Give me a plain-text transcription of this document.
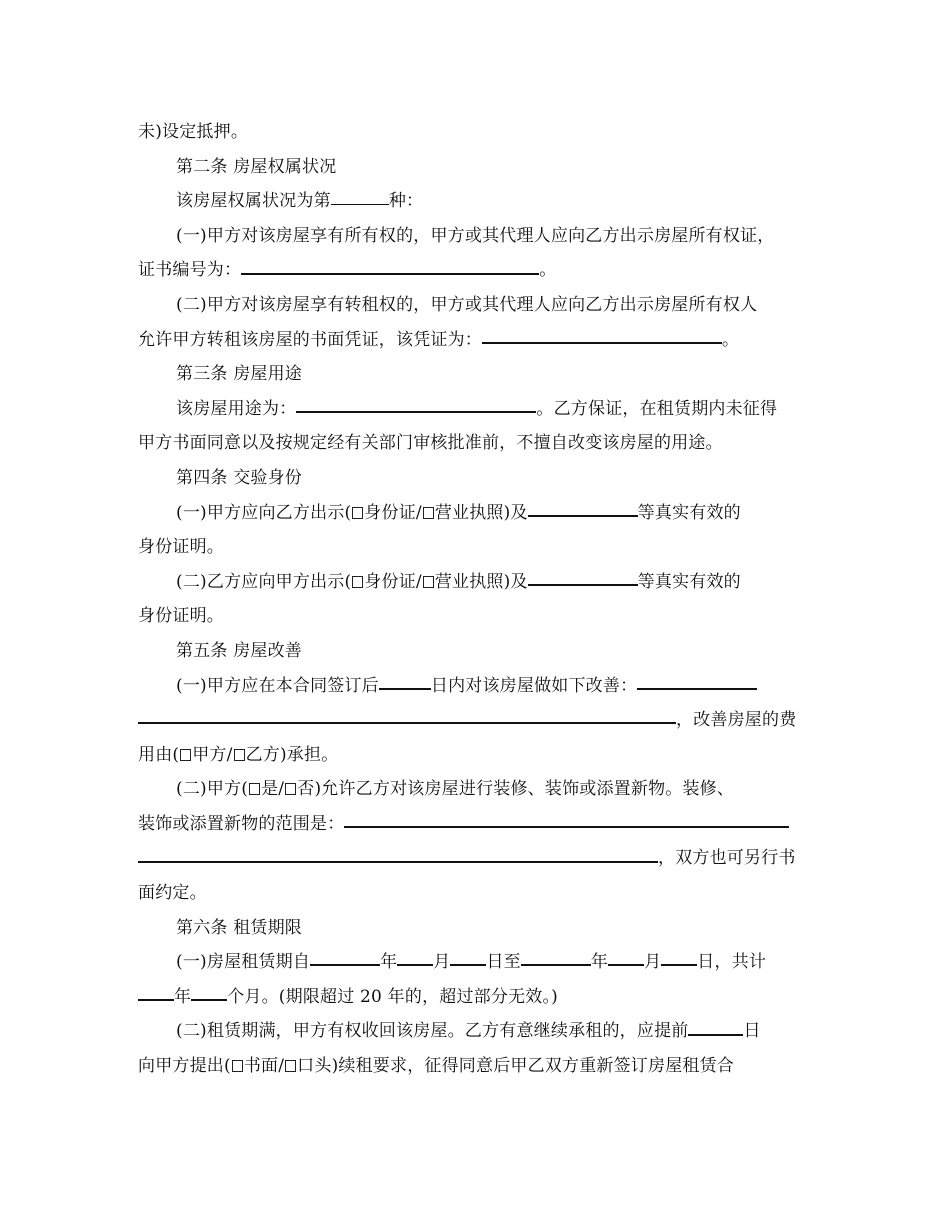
未)设定抵押。
第二条 房屋权属状况
该房屋权属状况为第	种：
(一)甲方对该房屋享有所有权的，甲方或其代理人应向乙方出示房屋所有权证，
证书编号为：	。
(二)甲方对该房屋享有转租权的，甲方或其代理人应向乙方出示房屋所有权人
允许甲方转租该房屋的书面凭证，该凭证为：	。
第三条 房屋用途
该房屋用途为：	。乙方保证，在租赁期内未征得
甲方书面同意以及按规定经有关部门审核批准前，不擅自改变该房屋的用途。
第四条 交验身份
(一)甲方应向乙方出示( 身份证/ 营业执照)及	等真实有效的
身份证明。
(二)乙方应向甲方出示( 身份证/ 营业执照)及	等真实有效的
身份证明。
第五条 房屋改善
(一)甲方应在本合同签订后	日内对该房屋做如下改善：
，改善房屋的费
用由( 甲方/ 乙方)承担。
(二)甲方( 是/ 否)允许乙方对该房屋进行装修、装饰或添置新物。装修、
装饰或添置新物的范围是：
，双方也可另行书
面约定。
第六条 租赁期限
(一)房屋租赁期自	年 月 日至	年 月 日，共计
年 个月。(期限超过 20 年的，超过部分无效。)
(二)租赁期满，甲方有权收回该房屋。乙方有意继续承租的，应提前	日
向甲方提出( 书面/ 口头)续租要求，征得同意后甲乙双方重新签订房屋租赁合
